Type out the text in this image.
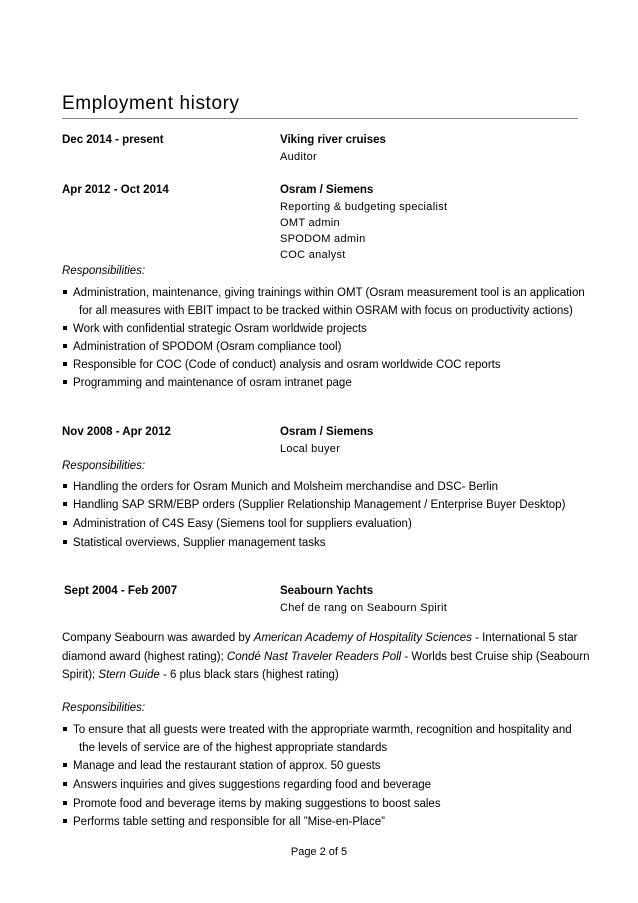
Employment history
Dec 2014 - present	Viking river cruises
Auditor
Apr 2012 - Oct 2014	Osram / Siemens
Reporting & budgeting specialist
OMT admin
SPODOM admin
COC analyst
Responsibilities:
Administration, maintenance, giving trainings within OMT (Osram measurement tool is an application
for all measures with EBIT impact to be tracked within OSRAM with focus on productivity actions)
Work with confidential strategic Osram worldwide projects
Administration of SPODOM (Osram compliance tool)
Responsible for COC (Code of conduct) analysis and osram worldwide COC reports
Programming and maintenance of osram intranet page
Nov 2008 - Apr 2012	Osram / Siemens
Local buyer
Responsibilities:
Handling the orders for Osram Munich and Molsheim merchandise and DSC- Berlin
Handling SAP SRM/EBP orders (Supplier Relationship Management / Enterprise Buyer Desktop)
Administration of C4S Easy (Siemens tool for suppliers evaluation)
Statistical overviews, Supplier management tasks
Sept 2004 - Feb 2007	Seabourn Yachts
Chef de rang on Seabourn Spirit
Company Seabourn was awarded by American Academy of Hospitality Sciences - International 5 star
diamond award (highest rating); Condé Nast Traveler Readers Poll - Worlds best Cruise ship (Seabourn
Spirit); Stern Guide - 6 plus black stars (highest rating)
Responsibilities:
To ensure that all guests were treated with the appropriate warmth, recognition and hospitality and
the levels of service are of the highest appropriate standards
Manage and lead the restaurant station of approx. 50 guests
Answers inquiries and gives suggestions regarding food and beverage
Promote food and beverage items by making suggestions to boost sales
Performs table setting and responsible for all ”Mise-en-Place”
Page 2 of 5
